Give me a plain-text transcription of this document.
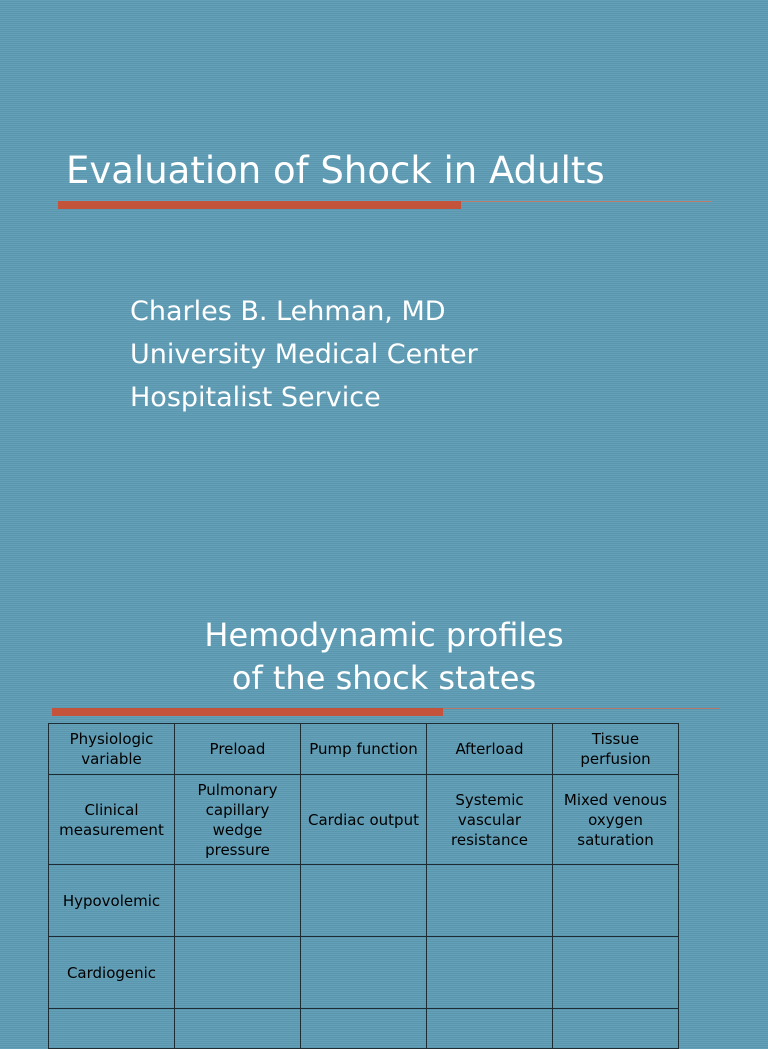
Evaluation of Shock in Adults
Charles B. Lehman, MD
University Medical Center
Hospitalist Service
Hemodynamic profiles
of the shock states
Physiologic variable	Preload	Pump function	Afterload	Tissue perfusion
Clinical measurement	Pulmonary capillary wedge pressure	Cardiac output	Systemic vascular resistance	Mixed venous oxygen saturation
Hypovolemic				
Cardiogenic				
